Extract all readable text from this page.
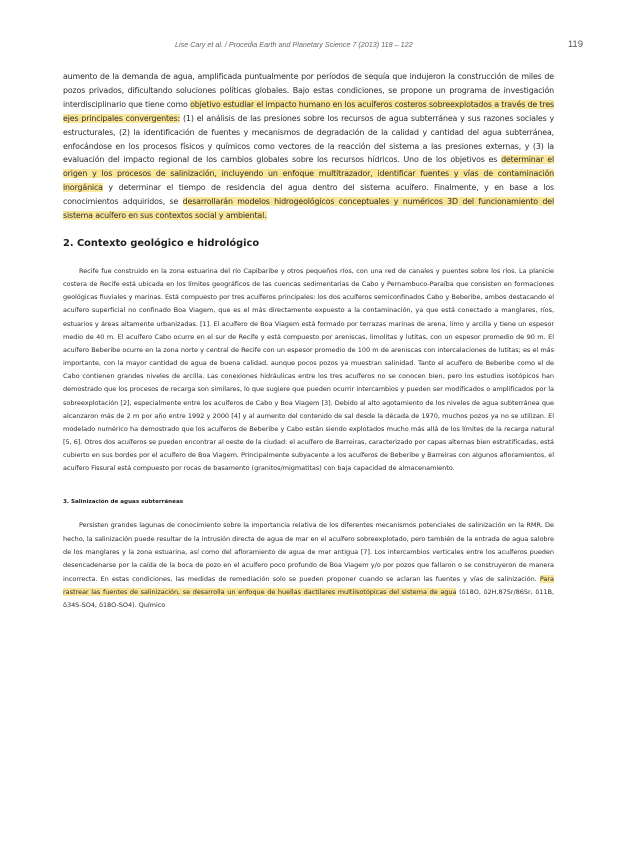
Lise Cary et al. / Procedia Earth and Planetary Science 7 (2013) 118 – 122	119

aumento de la demanda de agua, amplificada puntualmente por períodos de sequía que indujeron la construcción de miles de pozos privados, dificultando soluciones políticas globales. Bajo estas condiciones, se propone un programa de investigación interdisciplinario que tiene como objetivo estudiar el impacto humano en los acuíferos costeros sobreexplotados a través de tres ejes principales convergentes: (1) el análisis de las presiones sobre los recursos de agua subterránea y sus razones sociales y estructurales, (2) la identificación de fuentes y mecanismos de degradación de la calidad y cantidad del agua subterránea, enfocándose en los procesos físicos y químicos como vectores de la reacción del sistema a las presiones externas, y (3) la evaluación del impacto regional de los cambios globales sobre los recursos hídricos. Uno de los objetivos es determinar el origen y los procesos de salinización, incluyendo un enfoque multitrazador, identificar fuentes y vías de contaminación inorgánica y determinar el tiempo de residencia del agua dentro del sistema acuífero. Finalmente, y en base a los conocimientos adquiridos, se desarrollarán modelos hidrogeológicos conceptuales y numéricos 3D del funcionamiento del sistema acuífero en sus contextos social y ambiental.

2. Contexto geológico e hidrológico

Recife fue construido en la zona estuarina del río Capibaribe y otros pequeños ríos, con una red de canales y puentes sobre los ríos. La planicie costera de Recife está ubicada en los límites geográficos de las cuencas sedimentarias de Cabo y Pernambuco-Paraíba que consisten en formaciones geológicas fluviales y marinas. Está compuesto por tres acuíferos principales: los dos acuíferos semiconfinados Cabo y Beberibe, ambos destacando el acuífero superficial no confinado Boa Viagem, que es el más directamente expuesto a la contaminación, ya que está conectado a manglares, ríos, estuarios y áreas altamente urbanizadas. [1]. El acuífero de Boa Viagem está formado por terrazas marinas de arena, limo y arcilla y tiene un espesor medio de 40 m. El acuífero Cabo ocurre en el sur de Recife y está compuesto por areniscas, limolitas y lutitas, con un espesor promedio de 90 m. El acuífero Beberibe ocurre en la zona norte y central de Recife con un espesor promedio de 100 m de areniscas con intercalaciones de lutitas; es el más importante, con la mayor cantidad de agua de buena calidad, aunque pocos pozos ya muestran salinidad. Tanto el acuífero de Beberibe como el de Cabo contienen grandes niveles de arcilla. Las conexiones hidráulicas entre los tres acuíferos no se conocen bien, pero los estudios isotópicos han demostrado que los procesos de recarga son similares, lo que sugiere que pueden ocurrir intercambios y pueden ser modificados o amplificados por la sobreexplotación [2], especialmente entre los acuíferos de Cabo y Boa Viagem [3]. Debido al alto agotamiento de los niveles de agua subterránea que alcanzaron más de 2 m por año entre 1992 y 2000 [4] y al aumento del contenido de sal desde la década de 1970, muchos pozos ya no se utilizan. El modelado numérico ha demostrado que los acuíferos de Beberibe y Cabo están siendo explotados mucho más allá de los límites de la recarga natural [5, 6]. Otros dos acuíferos se pueden encontrar al oeste de la ciudad: el acuífero de Barreiras, caracterizado por capas alternas bien estratificadas, está cubierto en sus bordes por el acuífero de Boa Viagem. Principalmente subyacente a los acuíferos de Beberibe y Barreiras con algunos afloramientos, el acuífero Fissural está compuesto por rocas de basamento (granitos/migmatitas) con baja capacidad de almacenamiento.

3. Salinización de aguas subterráneas

Persisten grandes lagunas de conocimiento sobre la importancia relativa de los diferentes mecanismos potenciales de salinización en la RMR. De hecho, la salinización puede resultar de la intrusión directa de agua de mar en el acuífero sobreexplotado, pero también de la entrada de agua salobre de los manglares y la zona estuarina, así como del afloramiento de agua de mar antigua [7]. Los intercambios verticales entre los acuíferos pueden desencadenarse por la caída de la boca de pozo en el acuífero poco profundo de Boa Viagem y/o por pozos que fallaron o se construyeron de manera incorrecta. En estas condiciones, las medidas de remediación solo se pueden proponer cuando se aclaran las fuentes y vías de salinización. Para rastrear las fuentes de salinización, se desarrolla un enfoque de huellas dactilares multiisotópicas del sistema de agua (δ18O, δ2H,87Sr/86Sr, δ11B, δ34S-SO4, δ18O-SO4). Químico
